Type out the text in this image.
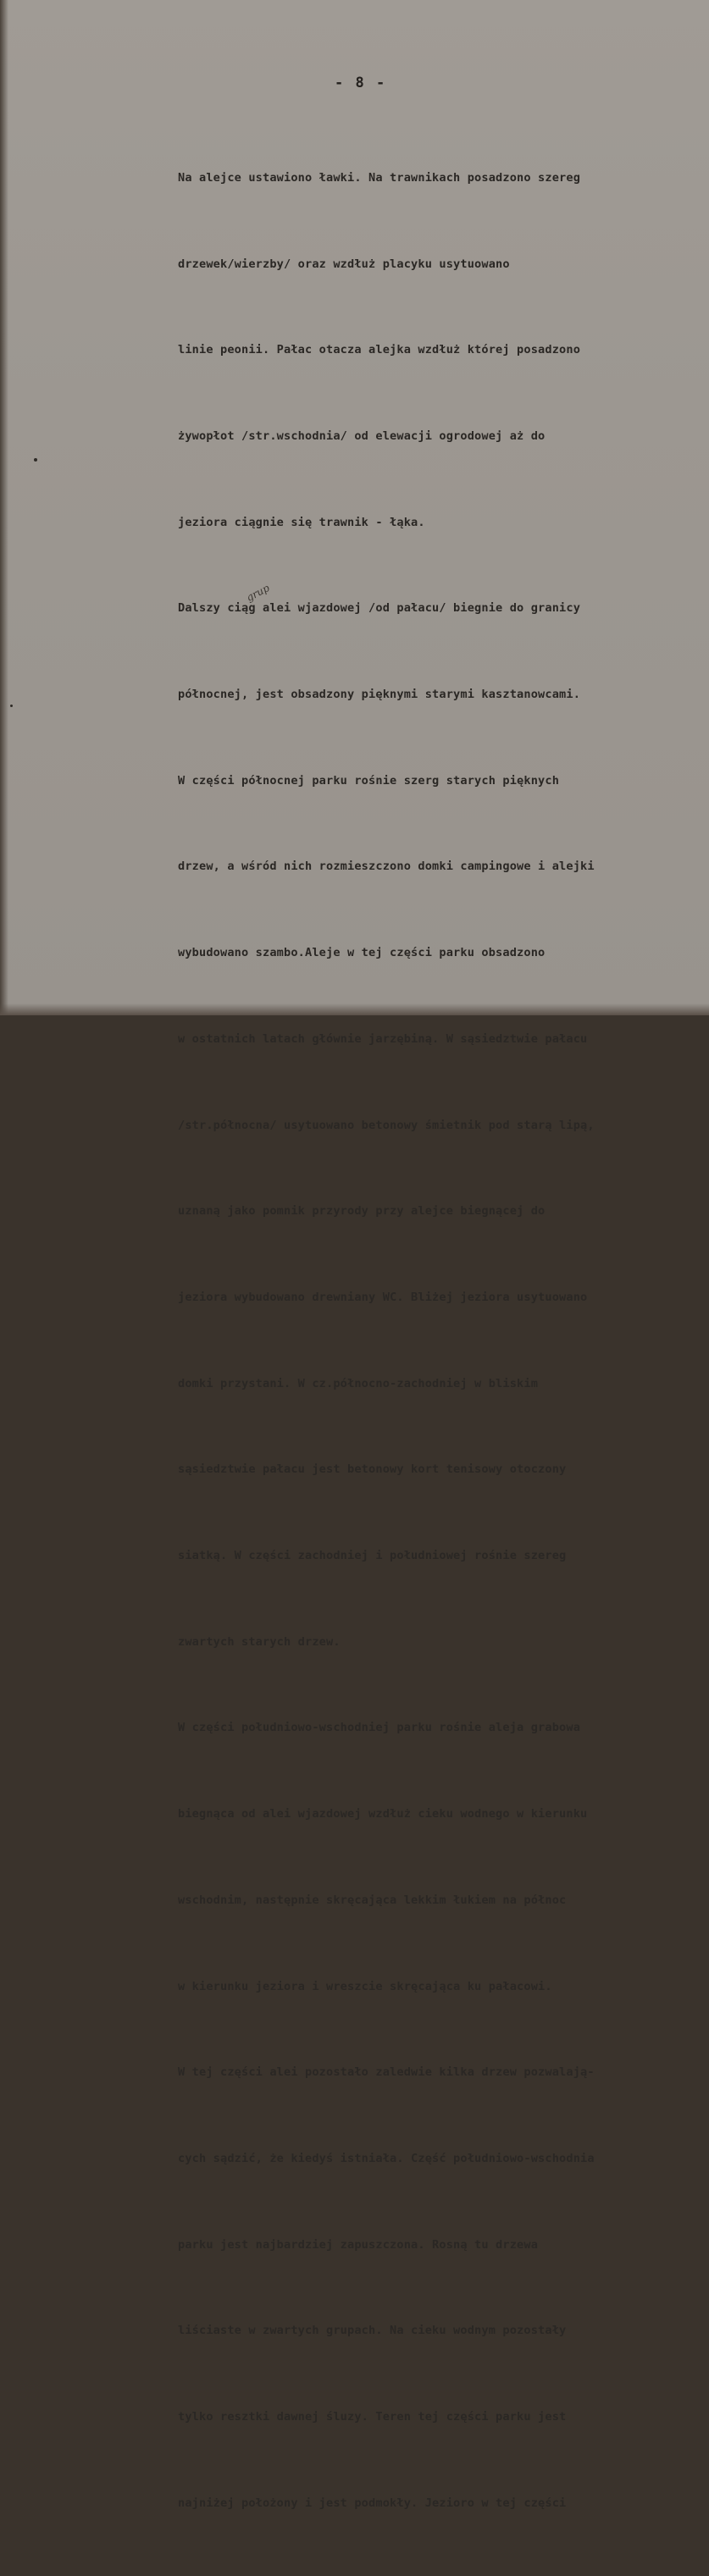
- 8 -

Na alejce ustawiono ławki. Na trawnikach posadzono szereg

drzewek/wierzby/ oraz wzdłuż placyku usytuowano

linie peonii. Pałac otacza alejka wzdłuż której posadzono

żywopłot /str.wschodnia/ od elewacji ogrodowej aż do

jeziora ciągnie się trawnik - łąka.

Dalszy ciąg alei wjazdowej /od pałacu/ biegnie do granicy

północnej, jest obsadzony pięknymi starymi kasztanowcami.

W części północnej parku rośnie szerg starych pięknych

drzew, a wśród nich rozmieszczono domki campingowe i alejki

wybudowano szambo.Aleje w tej części parku obsadzono

w ostatnich latach głównie jarzębiną. W sąsiedztwie pałacu

/str.północna/ usytuowano betonowy śmietnik pod starą lipą,

uznaną jako pomnik przyrody przy alejce biegnącej do

jeziora wybudowano drewniany WC. Bliżej jeziora usytuowano

domki przystani. W cz.północno-zachodniej w bliskim

sąsiedztwie pałacu jest betonowy kort tenisowy otoczony

siatką. W części zachodniej i południowej rośnie szereg

zwartych starych drzew.

W części południowo-wschodniej parku rośnie aleja grabowa

biegnąca od alei wjazdowej wzdłuż cieku wodnego w kierunku

wschodnim, następnie skręcająca lekkim łukiem na północ

w kierunku jeziora i wreszcie skręcająca ku pałacowi.

W tej części alei pozostało zaledwie kilka drzew pozwalają-

cych sądzić, że kiedyś istniała. Część południowo-wschodnia

parku jest najbardziej zapuszczona. Rosną tu drzewa

liściaste w zwartych grupach. Na cieku wodnym pozostały

tylko resztki dawnej śluzy. Teren tej części parku jest

najniżej położony i jest podmokły. Jezioro w tej części

grup
